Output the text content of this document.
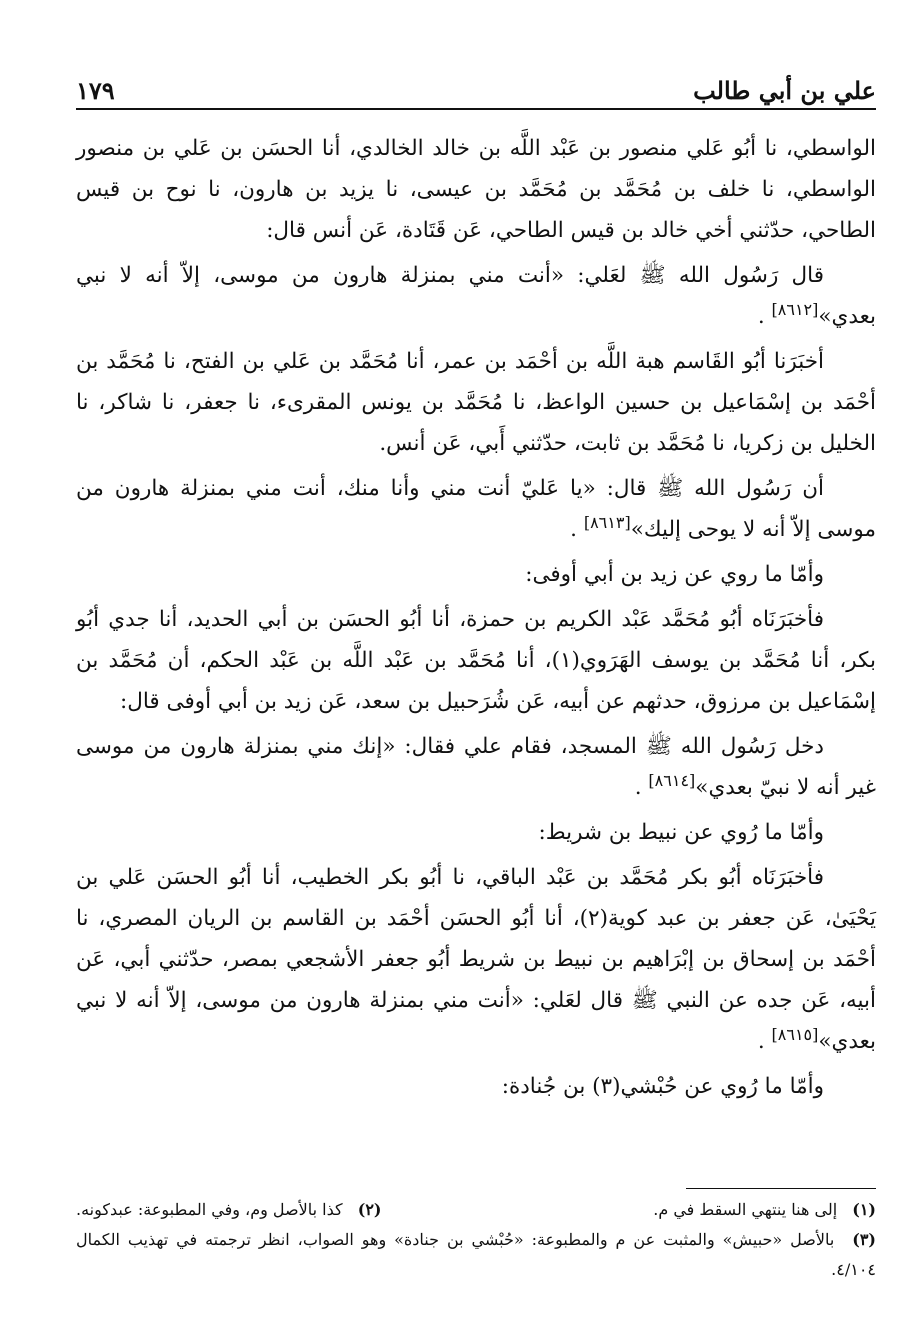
علي بن أبي طالب
١٧٩

الواسطي، نا أبُو عَلي منصور بن عَبْد اللَّه بن خالد الخالدي، أنا الحسَن بن عَلي بن منصور الواسطي، نا خلف بن مُحَمَّد بن مُحَمَّد بن عيسى، نا يزيد بن هارون، نا نوح بن قيس الطاحي، حدّثني أخي خالد بن قيس الطاحي، عَن قَتَادة، عَن أنس قال:

قال رَسُول الله ﷺ لعَلي: «أنت مني بمنزلة هارون من موسى، إلاّ أنه لا نبي بعدي»[٨٦١٢] .

أخبَرَنا أبُو القَاسم هبة اللَّه بن أحْمَد بن عمر، أنا مُحَمَّد بن عَلي بن الفتح، نا مُحَمَّد بن أحْمَد بن إسْمَاعيل بن حسين الواعظ، نا مُحَمَّد بن يونس المقرىء، نا جعفر، نا شاكر، نا الخليل بن زكريا، نا مُحَمَّد بن ثابت، حدّثني أَبي، عَن أنس.

أن رَسُول الله ﷺ قال: «يا عَليّ أنت مني وأنا منك، أنت مني بمنزلة هارون من موسى إلاّ أنه لا يوحى إليك»[٨٦١٣] .

وأمّا ما روي عن زيد بن أبي أوفى:

فأخبَرَنَاه أبُو مُحَمَّد عَبْد الكريم بن حمزة، أنا أبُو الحسَن بن أبي الحديد، أنا جدي أبُو بكر، أنا مُحَمَّد بن يوسف الهَرَوي(١)، أنا مُحَمَّد بن عَبْد اللَّه بن عَبْد الحكم، أن مُحَمَّد بن إسْمَاعيل بن مرزوق، حدثهم عن أبيه، عَن شُرَحبيل بن سعد، عَن زيد بن أبي أوفى قال:

دخل رَسُول الله ﷺ المسجد، فقام علي فقال: «إنك مني بمنزلة هارون من موسى غير أنه لا نبيّ بعدي»[٨٦١٤] .

وأمّا ما رُوي عن نبيط بن شريط:

فأخبَرَنَاه أبُو بكر مُحَمَّد بن عَبْد الباقي، نا أبُو بكر الخطيب، أنا أبُو الحسَن عَلي بن يَحْيَىٰ، عَن جعفر بن عبد كوية(٢)، أنا أبُو الحسَن أحْمَد بن القاسم بن الريان المصري، نا أحْمَد بن إسحاق بن إبْرَاهيم بن نبيط بن شريط أبُو جعفر الأشجعي بمصر، حدّثني أبي، عَن أبيه، عَن جده عن النبي ﷺ قال لعَلي: «أنت مني بمنزلة هارون من موسى، إلاّ أنه لا نبي بعدي»[٨٦١٥] .

وأمّا ما رُوي عن حُبْشي(٣) بن جُنادة:

(١) إلى هنا ينتهي السقط في م.
(٢) كذا بالأصل وم، وفي المطبوعة: عبدكونه.
(٣) بالأصل «حبيش» والمثبت عن م والمطبوعة: «حُبْشي بن جنادة» وهو الصواب، انظر ترجمته في تهذيب الكمال ٤/١٠٤.
